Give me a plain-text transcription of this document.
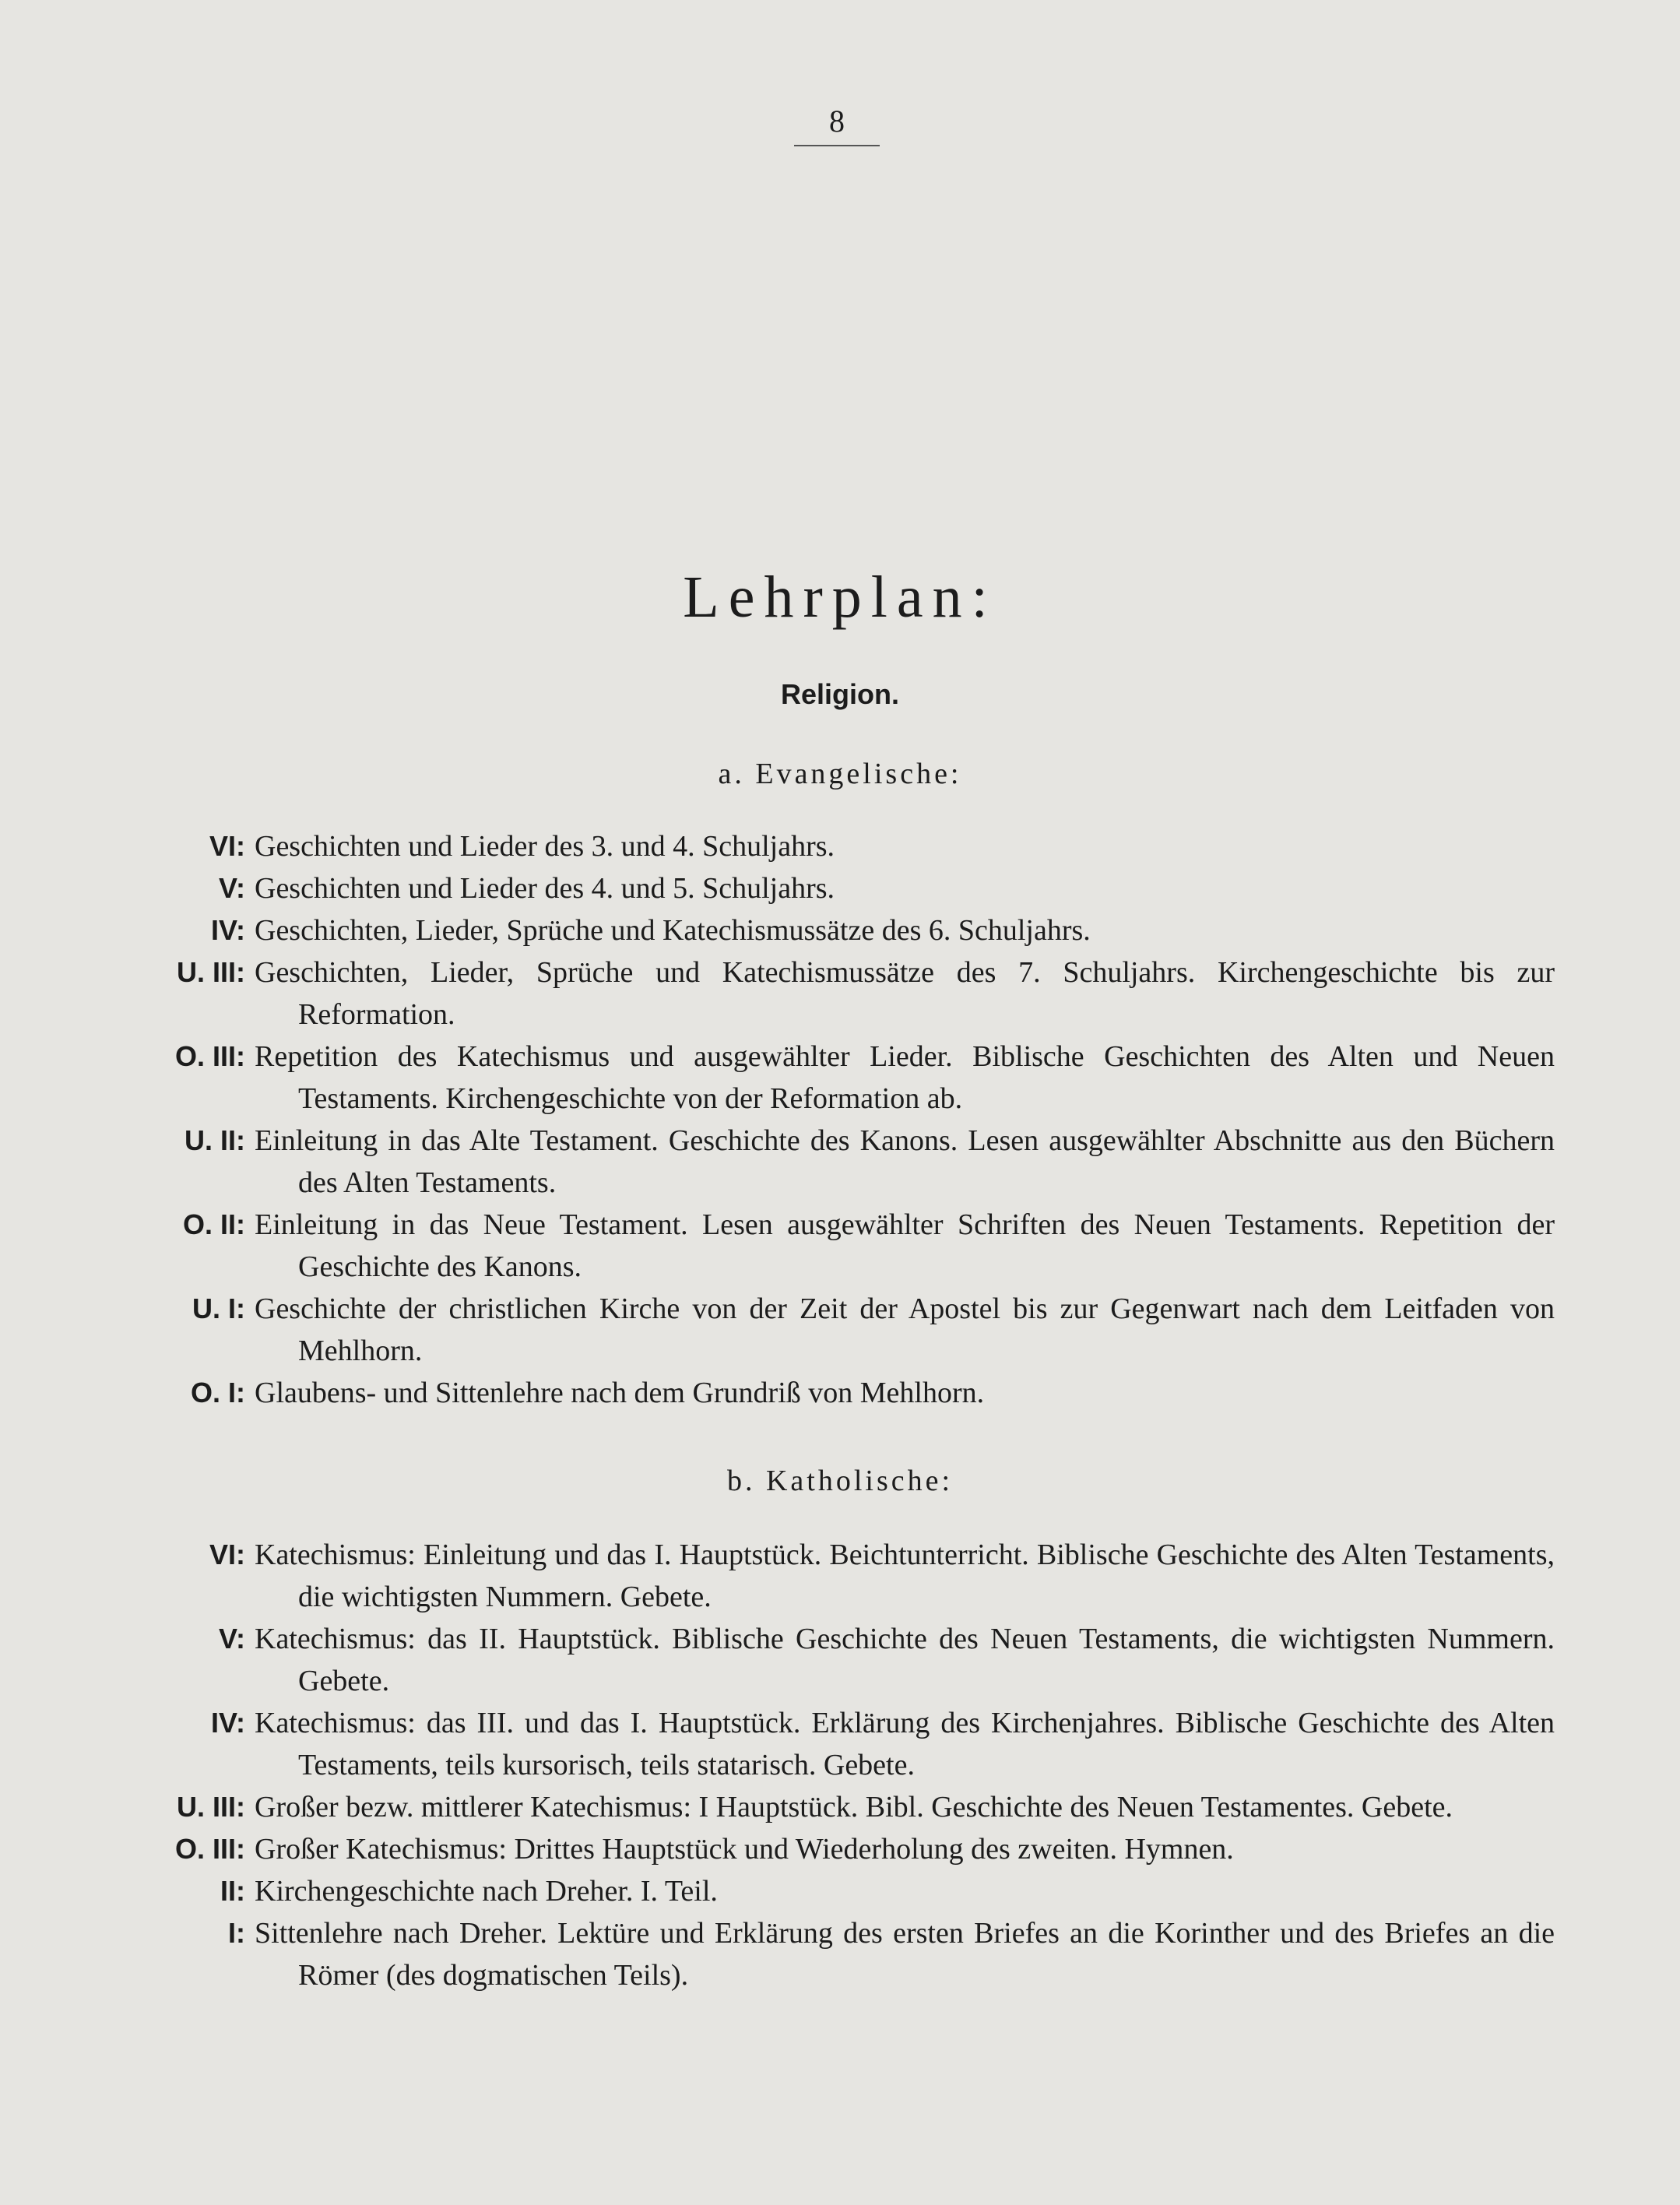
8
Lehrplan:
Religion.
a. Evangelische:
VI: Geschichten und Lieder des 3. und 4. Schuljahrs.
V: Geschichten und Lieder des 4. und 5. Schuljahrs.
IV: Geschichten, Lieder, Sprüche und Katechismussätze des 6. Schuljahrs.
U. III: Geschichten, Lieder, Sprüche und Katechismussätze des 7. Schuljahrs. Kirchengeschichte bis zur Reformation.
O. III: Repetition des Katechismus und ausgewählter Lieder. Biblische Geschichten des Alten und Neuen Testaments. Kirchengeschichte von der Reformation ab.
U. II: Einleitung in das Alte Testament. Geschichte des Kanons. Lesen ausgewählter Abschnitte aus den Büchern des Alten Testaments.
O. II: Einleitung in das Neue Testament. Lesen ausgewählter Schriften des Neuen Testaments. Repetition der Geschichte des Kanons.
U. I: Geschichte der christlichen Kirche von der Zeit der Apostel bis zur Gegenwart nach dem Leitfaden von Mehlhorn.
O. I: Glaubens- und Sittenlehre nach dem Grundriß von Mehlhorn.
b. Katholische:
VI: Katechismus: Einleitung und das I. Hauptstück. Beichtunterricht. Biblische Geschichte des Alten Testaments, die wichtigsten Nummern. Gebete.
V: Katechismus: das II. Hauptstück. Biblische Geschichte des Neuen Testaments, die wichtigsten Nummern. Gebete.
IV: Katechismus: das III. und das I. Hauptstück. Erklärung des Kirchenjahres. Biblische Geschichte des Alten Testaments, teils kursorisch, teils statarisch. Gebete.
U. III: Großer bezw. mittlerer Katechismus: I Hauptstück. Bibl. Geschichte des Neuen Testamentes. Gebete.
O. III: Großer Katechismus: Drittes Hauptstück und Wiederholung des zweiten. Hymnen.
II: Kirchengeschichte nach Dreher. I. Teil.
I: Sittenlehre nach Dreher. Lektüre und Erklärung des ersten Briefes an die Korinther und des Briefes an die Römer (des dogmatischen Teils).
